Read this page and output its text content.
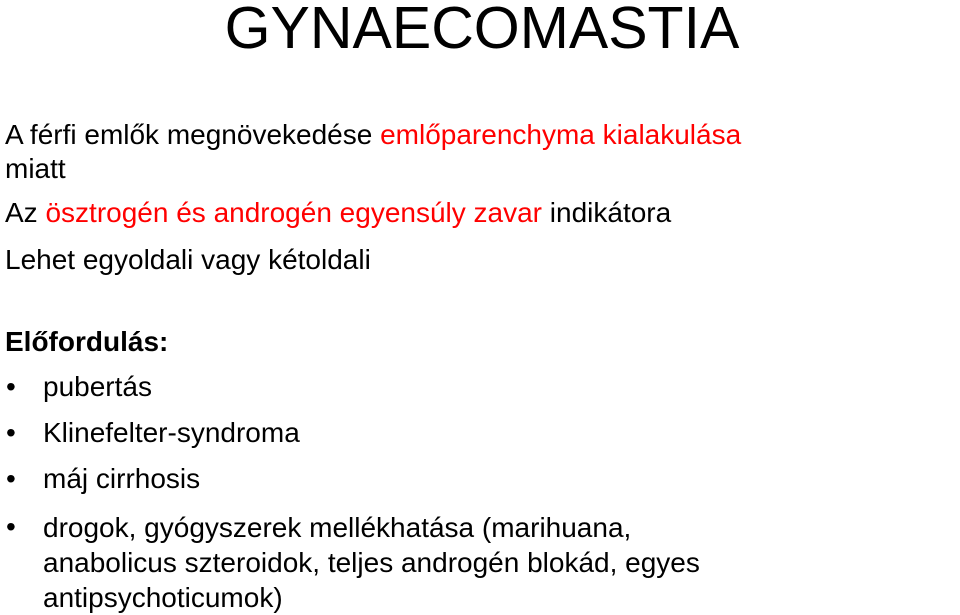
GYNAECOMASTIA
A férfi emlők megnövekedése emlőparenchyma kialakulása
miatt
Az ösztrogén és androgén egyensúly zavar indikátora
Lehet egyoldali vagy kétoldali
Előfordulás:
• pubertás
• Klinefelter-syndroma
• máj cirrhosis
• drogok, gyógyszerek mellékhatása (marihuana,
anabolicus szteroidok, teljes androgén blokád, egyes
antipsychoticumok)
